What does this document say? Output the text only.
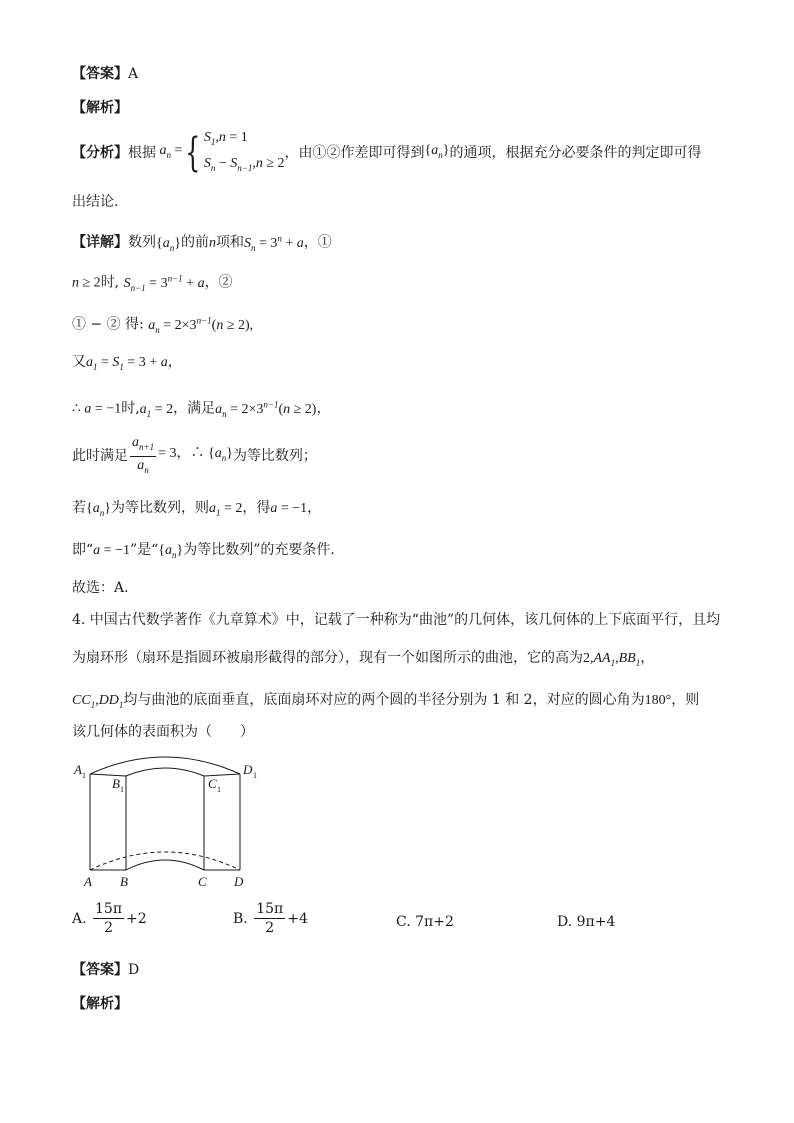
【答案】A
【解析】
【分析】 根据 $a_n$ = { $S_1,n = 1$
$S_n - S_{n-1},n \ge 2$
，由①②作差即可得到 $\{a_n\}$ 的通项，根据充分必要条件的判定即可得
出结论.
【详解】数列$\{a_n\}$的前n项和$S_n = 3^n + a$，①
n ≥ 2时, $S_{n-1} = 3^{n-1} + a$，②
① − ② 得: $a_n = 2\times 3^{n-1}(n \ge 2)$,
又$a_1 = S_1 = 3 + a$，
∴ a = −1时$,a_1 = 2$，满足$a_n = 2\times 3^{n-1}(n \ge 2)$，
此时满足 $\frac{a_{n+1}}{a_n} = 3$，∴ $\{a_n\}$ 为等比数列；
若$\{a_n\}$为等比数列，则$a_1 = 2$，得a = −1，
即“a = −1”是“$\{a_n\}$为等比数列”的充要条件.
故选：A.
4. 中国古代数学著作《九章算术》中，记载了一种称为“曲池”的几何体，该几何体的上下底面平行，且均
为扇环形（扇环是指圆环被扇形截得的部分），现有一个如图所示的曲池，它的高为$2,AA_1,BB_1$，
$CC_1,DD_1$均与曲池的底面垂直，底面扇环对应的两个圆的半径分别为 1 和 2，对应的圆心角为180°，则
该几何体的表面积为（　　）
A 1
B 1	C 1
D 1
A B	C D
A.
$\frac{15\pi}{2} +2$	B.
$\frac{15\pi}{2} +4$	C.
7π+2	D.
9π+4
【答案】D
【解析】
